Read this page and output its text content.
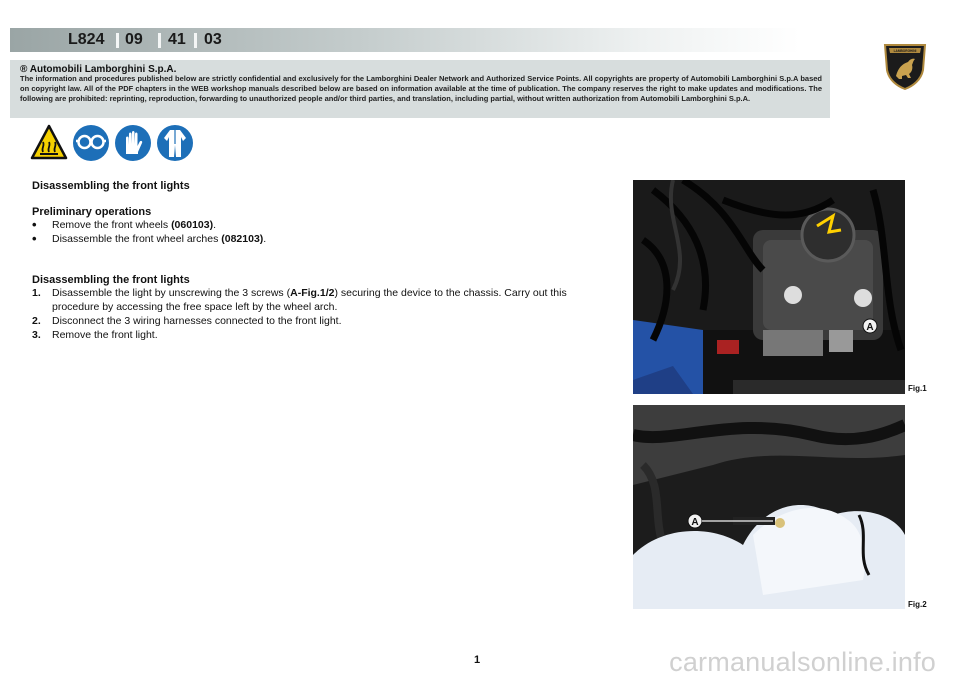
L824 09 41 03
LAMBORGHINI
® Automobili Lamborghini S.p.A.
The information and procedures published below are strictly confidential and exclusively for the Lamborghini Dealer Network and Authorized Service Points. All copyrights are property of Automobili Lamborghini S.p.A based on copyright law. All of the PDF chapters in the WEB workshop manuals described below are based on information available at the time of publication. The company reserves the right to make updates and modifications. The following are prohibited: reprinting, reproduction, forwarding to unauthorized people and/or third parties, and translation, including partial, without written authorization from Automobili Lamborghini S.p.A.

Disassembling the front lights

Preliminary operations

• Remove the front wheels (060103).
• Disassemble the front wheel arches (082103).

Disassembling the front lights

1. Disassemble the light by unscrewing the 3 screws (A-Fig.1/2) securing the device to the chassis. Carry out this procedure by accessing the free space left by the wheel arch.
2. Disconnect the 3 wiring harnesses connected to the front light.
3. Remove the front light.
A
Fig.1
A
Fig.2
1	carmanualsonline.info
